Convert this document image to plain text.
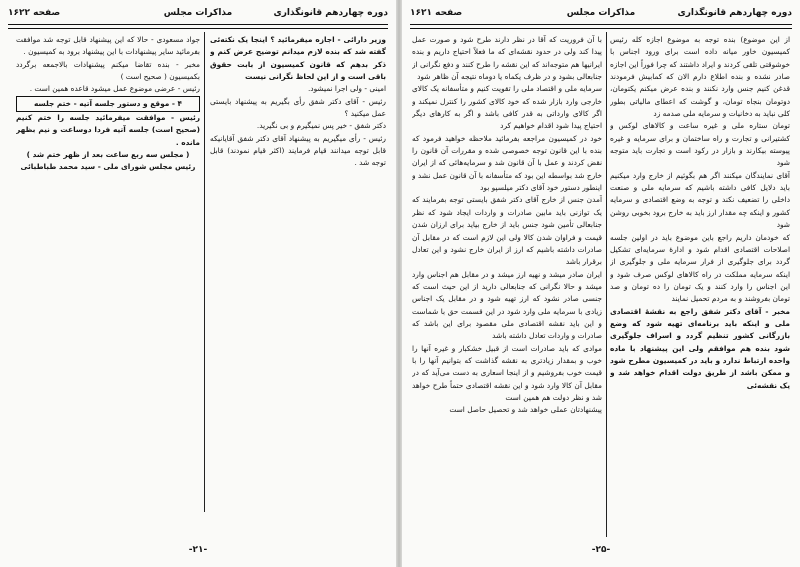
دوره چهاردهم قانونگذاری
مذاکرات مجلس
صفحه ۱۶۲۲

وزیر دارائی - اجازه میفرمائید ؟ اینجا یک نکته‌ئی گفته شد که بنده لازم میدانم توضیح عرض کنم و ذکر بدهم که قانون کمیسیون از بابت حقوق باقی است و از این لحاظ نگرانی نیست

امینی - ولی اجرا نمیشود.

رئیس - آقای دکتر شفق رأی بگیریم به پیشنهاد بایستی عمل میکنید ؟

دکتر شفق - خیر پس نمیگیرم و بی نگیرید.

رئیس - رأی میگیریم به پیشنهاد آقای دکتر شفق آقایانیکه قابل توجه میدانند قیام فرمایند (اکثر قیام نمودند) قابل توجه شد .

جواد مسعودی - حالا که این پیشنهاد قابل توجه شد موافقت بفرمائید سایر پیشنهادات با این پیشنهاد برود به کمیسیون .

مخبر - بنده تقاضا میکنم پیشنهادات بالاجمعه برگردد بکمیسیون ( صحیح است )

رئیس - عرضی موضوع عمل میشود قاعده همین است .

۴ - موقع و دستور جلسه آتیه - ختم جلسه

رئیس - موافقت میفرمائید جلسه را ختم کنیم (صحیح است) جلسه آتیه فردا دوساعت و نیم بظهر مانده .

( مجلس سه ربع ساعت بعد از ظهر ختم شد )

رئیس مجلس شورای ملی - سید محمد طباطبائی

-۲۱-
دوره چهاردهم قانونگذاری
مذاکرات مجلس
صفحه ۱۶۲۱

از این موضوع) بنده توجه به موضوع اجازه کله رئیس کمیسیون خاور میانه داده است برای ورود اجناس با خوشوقتی تلقی کردند و ایراد داشتند که چرا فوراً این اجازه صادر نشده و بنده اطلاع دارم الان که کمابیش فرمودند قدغن کنیم جنس وارد نکنند و بنده عرض میکنم یکتومان، دوتومان بنجاه تومان، و گوشت که اعطای مالیاتی بطور کلی نباید به دخانیات و سرمایه ملی صدمه زد

تومان ستاره ملی و غیره ساعت و کالاهای لوکس و کشتیرانی و تجارت و راه ساختمان و برای سرمایه و غیره پیوسته بیکارند و بازار در رکود است و تجارت باید متوجه شود

آقای نمایندگان میکنند اگر هم بگوئیم از خارج وارد میکنیم باید دلایل کافی داشته باشیم که سرمایه ملی و صنعت داخلی را تضعیف نکند و توجه به وضع اقتصادی و سرمایه کشور و اینکه چه مقدار ارز باید به خارج برود بخوبی روشن شود

که خودمان داریم راجع باین موضوع باید در اولین جلسه اصلاحات اقتصادی اقدام شود و ادارهٔ سرمایه‌ای تشکیل گردد برای جلوگیری از فرار سرمایه ملی و جلوگیری از اینکه سرمایه مملکت در راه کالاهای لوکس صرف شود و این اجناس را وارد کنند و یک تومان را ده تومان و صد تومان بفروشند و به مردم تحمیل نمایند

مخبر - آقای دکتر شفق راجع به نقشهٔ اقتصادی ملی و اینکه باید برنامه‌ای تهیه شود که وضع بازرگانی کشور تنظیم گردد و اسراف جلوگیری شود بنده هم موافقم ولی این پیشنهاد با ماده واحده ارتباط ندارد و باید در کمیسیون مطرح شود و ممکن باشد از طریق دولت اقدام خواهد شد و یک نقشه‌ئی

با آن فروریت که آقا در نظر دارند طرح شود و صورت عمل پیدا کند ولی در حدود نقشه‌ای که ما فعلاً احتیاج داریم و بنده ایرانیها هم متوجه‌اند که این نقشه را طرح کنند و دفع نگرانی از جنابعالی بشود و در ظرف یکماه یا دوماه نتیجه آن ظاهر شود

سرمایه ملی و اقتصاد ملی را تقویت کنیم و متأسفانه یک کالای خارجی وارد بازار شده که خود کالای کشور را کنترل نمیکند و اگر کالای وارداتی به قدر کافی باشد و اگر به کارهای دیگر احتیاج پیدا شود اقدام خواهیم کرد

خود در کمیسیون مراجعه بفرمائید ملاحظه خواهید فرمود که بنده با این قانون توجه خصوصی شده و مقررات آن قانون را نقض کردند و عمل با آن قانون شد و سرمایه‌هائی که از ایران خارج شد بواسطه این بود که متأسفانه با آن قانون عمل نشد و اینطور دستور خود آقای دکتر میلسپو بود

آمدن جنس از خارج آقای دکتر شفق بایستی توجه بفرمایند که یک توازنی باید مابین صادرات و واردات ایجاد شود که نظر جنابعالی تأمین شود جنس باید از خارج بیاید برای ارزان شدن قیمت و فراوان شدن کالا ولی این لازم است که در مقابل آن صادرات داشته باشیم که ارز از ایران خارج نشود و این تعادل برقرار باشد

ایران صادر میشد و نهیه ارز میشد و در مقابل هم اجناس وارد میشد و حالا نگرانی که جنابعالی دارید از این حیث است که جنسی صادر نشود که ارز تهیه شود و در مقابل یک اجناس زیادی با سرمایه ملی وارد شود در این قسمت حق با شماست و این باید نقشه اقتصادی ملی مقصود برای این باشد که صادرات و واردات تعادل داشته باشد

موادی که باید صادرات است از قبیل خشکبار و غیره آنها را خوب و بمقدار زیادتری به نقشه گذاشت که بتوانیم آنها را با قیمت خوب بفروشیم و از اینجا اسعاری به دست می‌آید که در مقابل آن کالا وارد شود و این نقشه اقتصادی حتماً طرح خواهد شد و نظر دولت هم همین است

پیشنهادتان عملی خواهد شد و تحصیل حاصل است

-۲۵-
